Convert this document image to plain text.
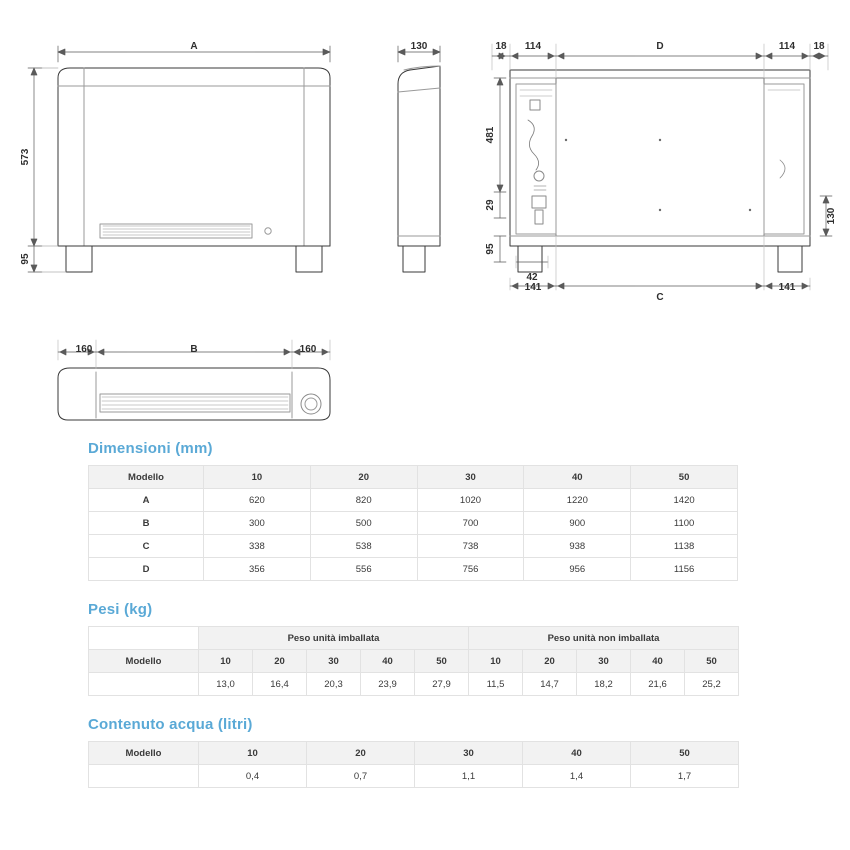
A	130	18 114	D	114 18
160	B	160
141
C
141
42
573
95
481
29
95
130
Dimensioni (mm)
Modello	10	20	30	40	50
A	620	820	1020	1220	1420
B	300	500	700	900	1100
C	338	538	738	938	1138
D	356	556	756	956	1156
Pesi (kg)
	Peso unità imballata					Peso unità non imballata				
Modello	10	20	30	40	50	10	20	30	40	50
	13,0	16,4	20,3	23,9	27,9	11,5	14,7	18,2	21,6	25,2
Contenuto acqua (litri)
Modello	10	20	30	40	50
	0,4	0,7	1,1	1,4	1,7
